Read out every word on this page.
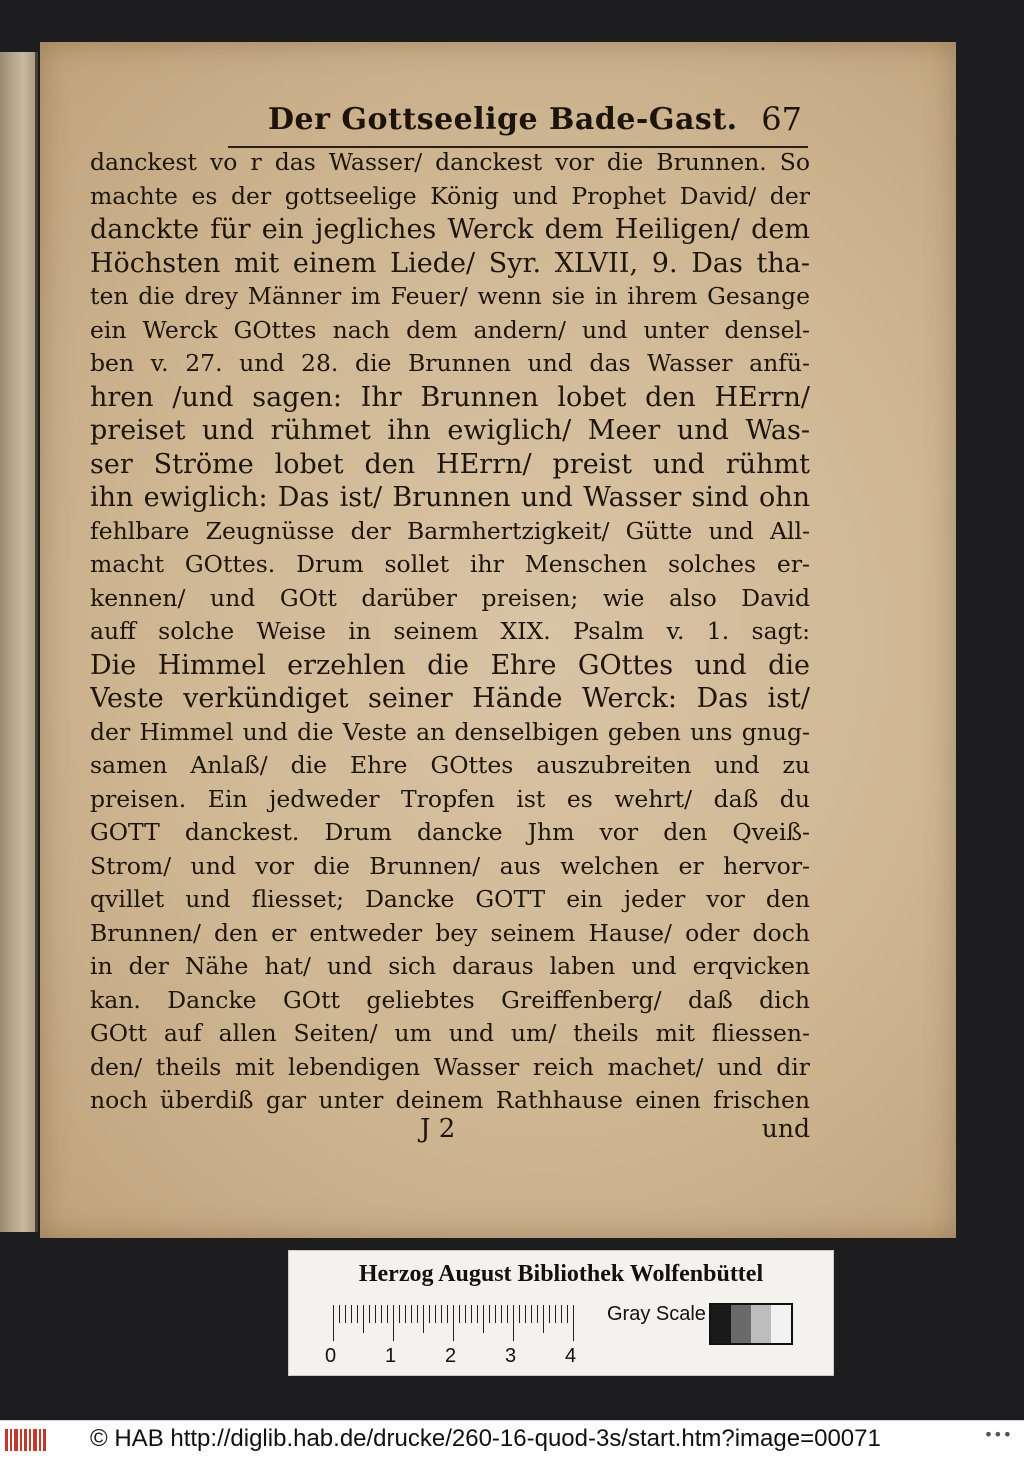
Der Gottseelige Bade-Gast. 67
danckest vo r das Wasser/ danckest vor die Brunnen. So
machte es der gottseelige König und Prophet David/ der
danckte für ein jegliches Werck dem Heiligen/ dem
Höchsten mit einem Liede/ Syr. XLVII, 9. Das tha-
ten die drey Männer im Feuer/ wenn sie in ihrem Gesange
ein Werck GOttes nach dem andern/ und unter densel-
ben v. 27. und 28. die Brunnen und das Wasser anfü-
hren /und sagen: Ihr Brunnen lobet den HErrn/
preiset und rühmet ihn ewiglich/ Meer und Was-
ser Ströme lobet den HErrn/ preist und rühmt
ihn ewiglich: Das ist/ Brunnen und Wasser sind ohn
fehlbare Zeugnüsse der Barmhertzigkeit/ Gütte und All-
macht GOttes. Drum sollet ihr Menschen solches er-
kennen/ und GOtt darüber preisen; wie also David
auff solche Weise in seinem XIX. Psalm v. 1. sagt:
Die Himmel erzehlen die Ehre GOttes und die
Veste verkündiget seiner Hände Werck: Das ist/
der Himmel und die Veste an denselbigen geben uns gnug-
samen Anlaß/ die Ehre GOttes auszubreiten und zu
preisen. Ein jedweder Tropfen ist es wehrt/ daß du
GOTT danckest. Drum dancke Jhm vor den Qveiß-
Strom/ und vor die Brunnen/ aus welchen er hervor-
qvillet und fliesset; Dancke GOTT ein jeder vor den
Brunnen/ den er entweder bey seinem Hause/ oder doch
in der Nähe hat/ und sich daraus laben und erqvicken
kan. Dancke GOtt geliebtes Greiffenberg/ daß dich
GOtt auf allen Seiten/ um und um/ theils mit fliessen-
den/ theils mit lebendigen Wasser reich machet/ und dir
noch überdiß gar unter deinem Rathhause einen frischen
J 2	und
Herzog August Bibliothek Wolfenbüttel
0 1 2 3 4
Gray Scale
© HAB http://diglib.hab.de/drucke/260-16-quod-3s/start.htm?image=00071	•••
